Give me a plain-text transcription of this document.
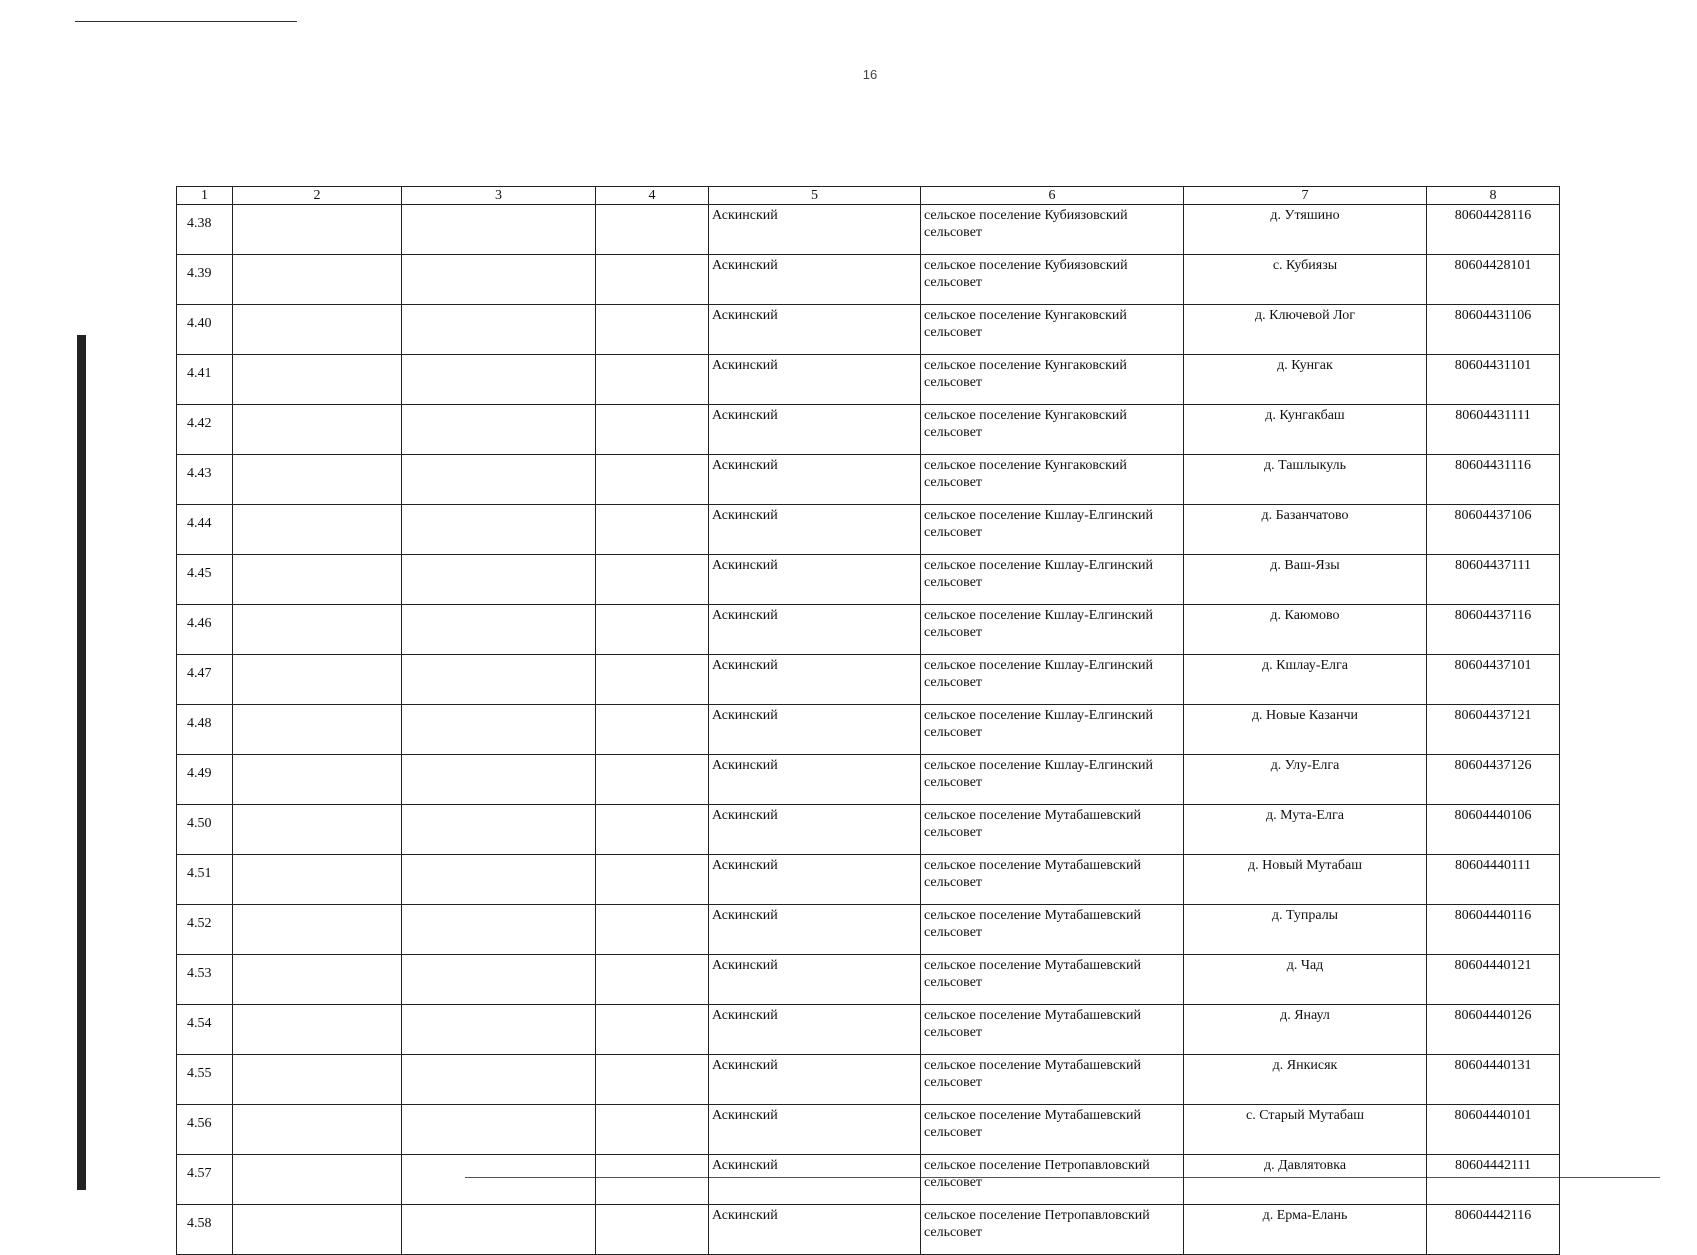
16
1	2	3	4	5	6	7	8
4.38				Аскинский	сельское поселение Кубиязовский сельсовет	д. Утяшино	80604428116
4.39				Аскинский	сельское поселение Кубиязовский сельсовет	с. Кубиязы	80604428101
4.40				Аскинский	сельское поселение Кунгаковский сельсовет	д. Ключевой Лог	80604431106
4.41				Аскинский	сельское поселение Кунгаковский сельсовет	д. Кунгак	80604431101
4.42				Аскинский	сельское поселение Кунгаковский сельсовет	д. Кунгакбаш	80604431111
4.43				Аскинский	сельское поселение Кунгаковский сельсовет	д. Ташлыкуль	80604431116
4.44				Аскинский	сельское поселение Кшлау-Елгинский сельсовет	д. Базанчатово	80604437106
4.45				Аскинский	сельское поселение Кшлау-Елгинский сельсовет	д. Ваш-Язы	80604437111
4.46				Аскинский	сельское поселение Кшлау-Елгинский сельсовет	д. Каюмово	80604437116
4.47				Аскинский	сельское поселение Кшлау-Елгинский сельсовет	д. Кшлау-Елга	80604437101
4.48				Аскинский	сельское поселение Кшлау-Елгинский сельсовет	д. Новые Казанчи	80604437121
4.49				Аскинский	сельское поселение Кшлау-Елгинский сельсовет	д. Улу-Елга	80604437126
4.50				Аскинский	сельское поселение Мутабашевский сельсовет	д. Мута-Елга	80604440106
4.51				Аскинский	сельское поселение Мутабашевский сельсовет	д. Новый Мутабаш	80604440111
4.52				Аскинский	сельское поселение Мутабашевский сельсовет	д. Тупралы	80604440116
4.53				Аскинский	сельское поселение Мутабашевский сельсовет	д. Чад	80604440121
4.54				Аскинский	сельское поселение Мутабашевский сельсовет	д. Янаул	80604440126
4.55				Аскинский	сельское поселение Мутабашевский сельсовет	д. Янкисяк	80604440131
4.56				Аскинский	сельское поселение Мутабашевский сельсовет	с. Старый Мутабаш	80604440101
4.57				Аскинский	сельское поселение Петропавловский сельсовет	д. Давлятовка	80604442111
4.58				Аскинский	сельское поселение Петропавловский сельсовет	д. Ерма-Елань	80604442116
